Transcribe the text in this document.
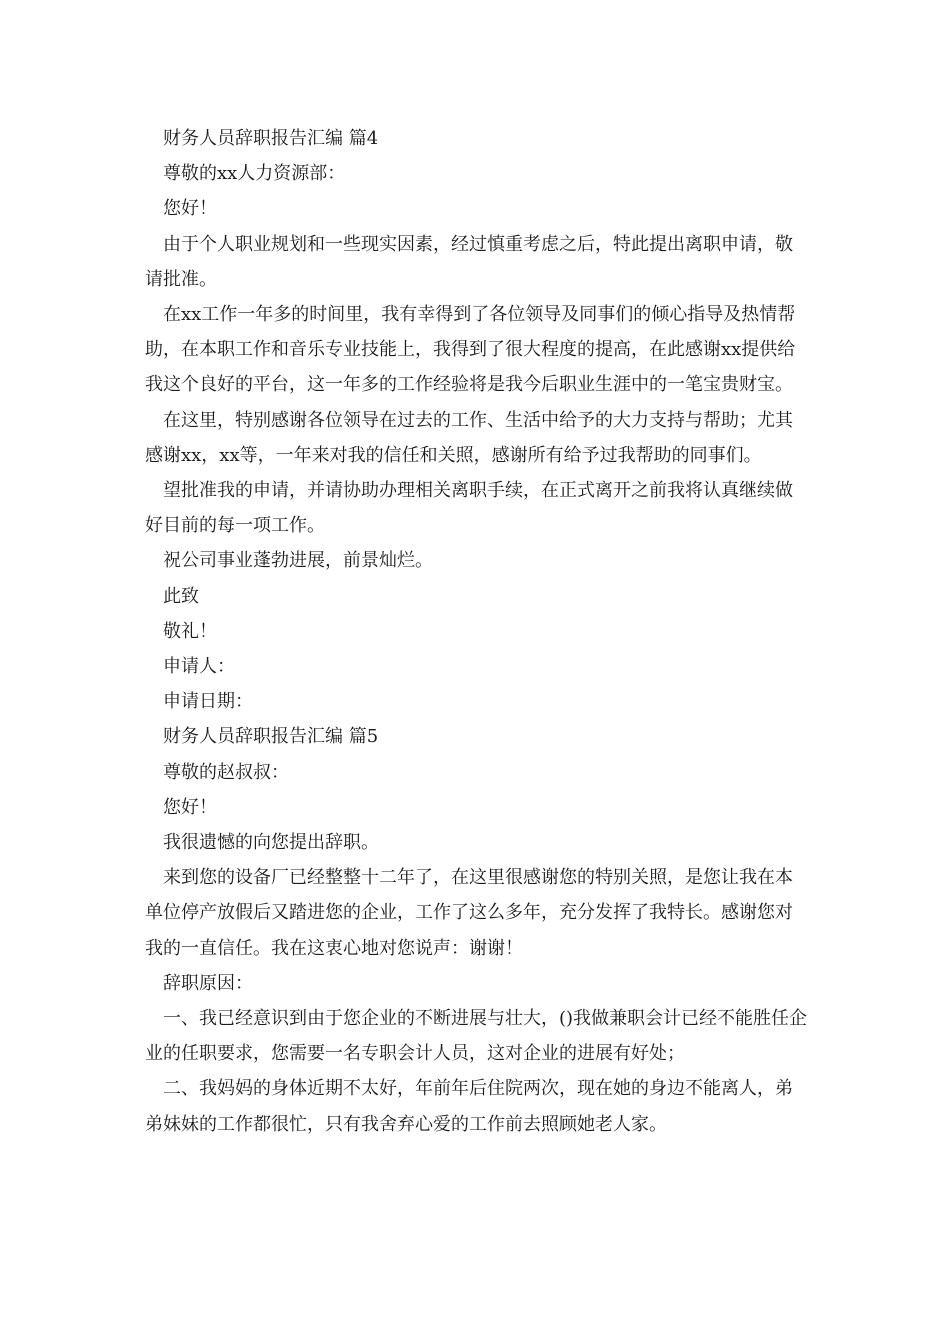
财务人员辞职报告汇编 篇4

尊敬的xx人力资源部：

您好！

由于个人职业规划和一些现实因素，经过慎重考虑之后，特此提出离职申请，敬请批准。

在xx工作一年多的时间里，我有幸得到了各位领导及同事们的倾心指导及热情帮助，在本职工作和音乐专业技能上，我得到了很大程度的提高，在此感谢xx提供给我这个良好的平台，这一年多的工作经验将是我今后职业生涯中的一笔宝贵财宝。

在这里，特别感谢各位领导在过去的工作、生活中给予的大力支持与帮助；尤其感谢xx，xx等，一年来对我的信任和关照，感谢所有给予过我帮助的同事们。

望批准我的申请，并请协助办理相关离职手续，在正式离开之前我将认真继续做好目前的每一项工作。

祝公司事业蓬勃进展，前景灿烂。

此致

敬礼！

申请人：

申请日期：

财务人员辞职报告汇编 篇5

尊敬的赵叔叔：

您好！

我很遗憾的向您提出辞职。

来到您的设备厂已经整整十二年了，在这里很感谢您的特别关照，是您让我在本单位停产放假后又踏进您的企业，工作了这么多年，充分发挥了我特长。感谢您对我的一直信任。我在这衷心地对您说声：谢谢！

辞职原因：

一、我已经意识到由于您企业的不断进展与壮大，()我做兼职会计已经不能胜任企业的任职要求，您需要一名专职会计人员，这对企业的进展有好处；

二、我妈妈的身体近期不太好，年前年后住院两次，现在她的身边不能离人，弟弟妹妹的工作都很忙，只有我舍弃心爱的工作前去照顾她老人家。
